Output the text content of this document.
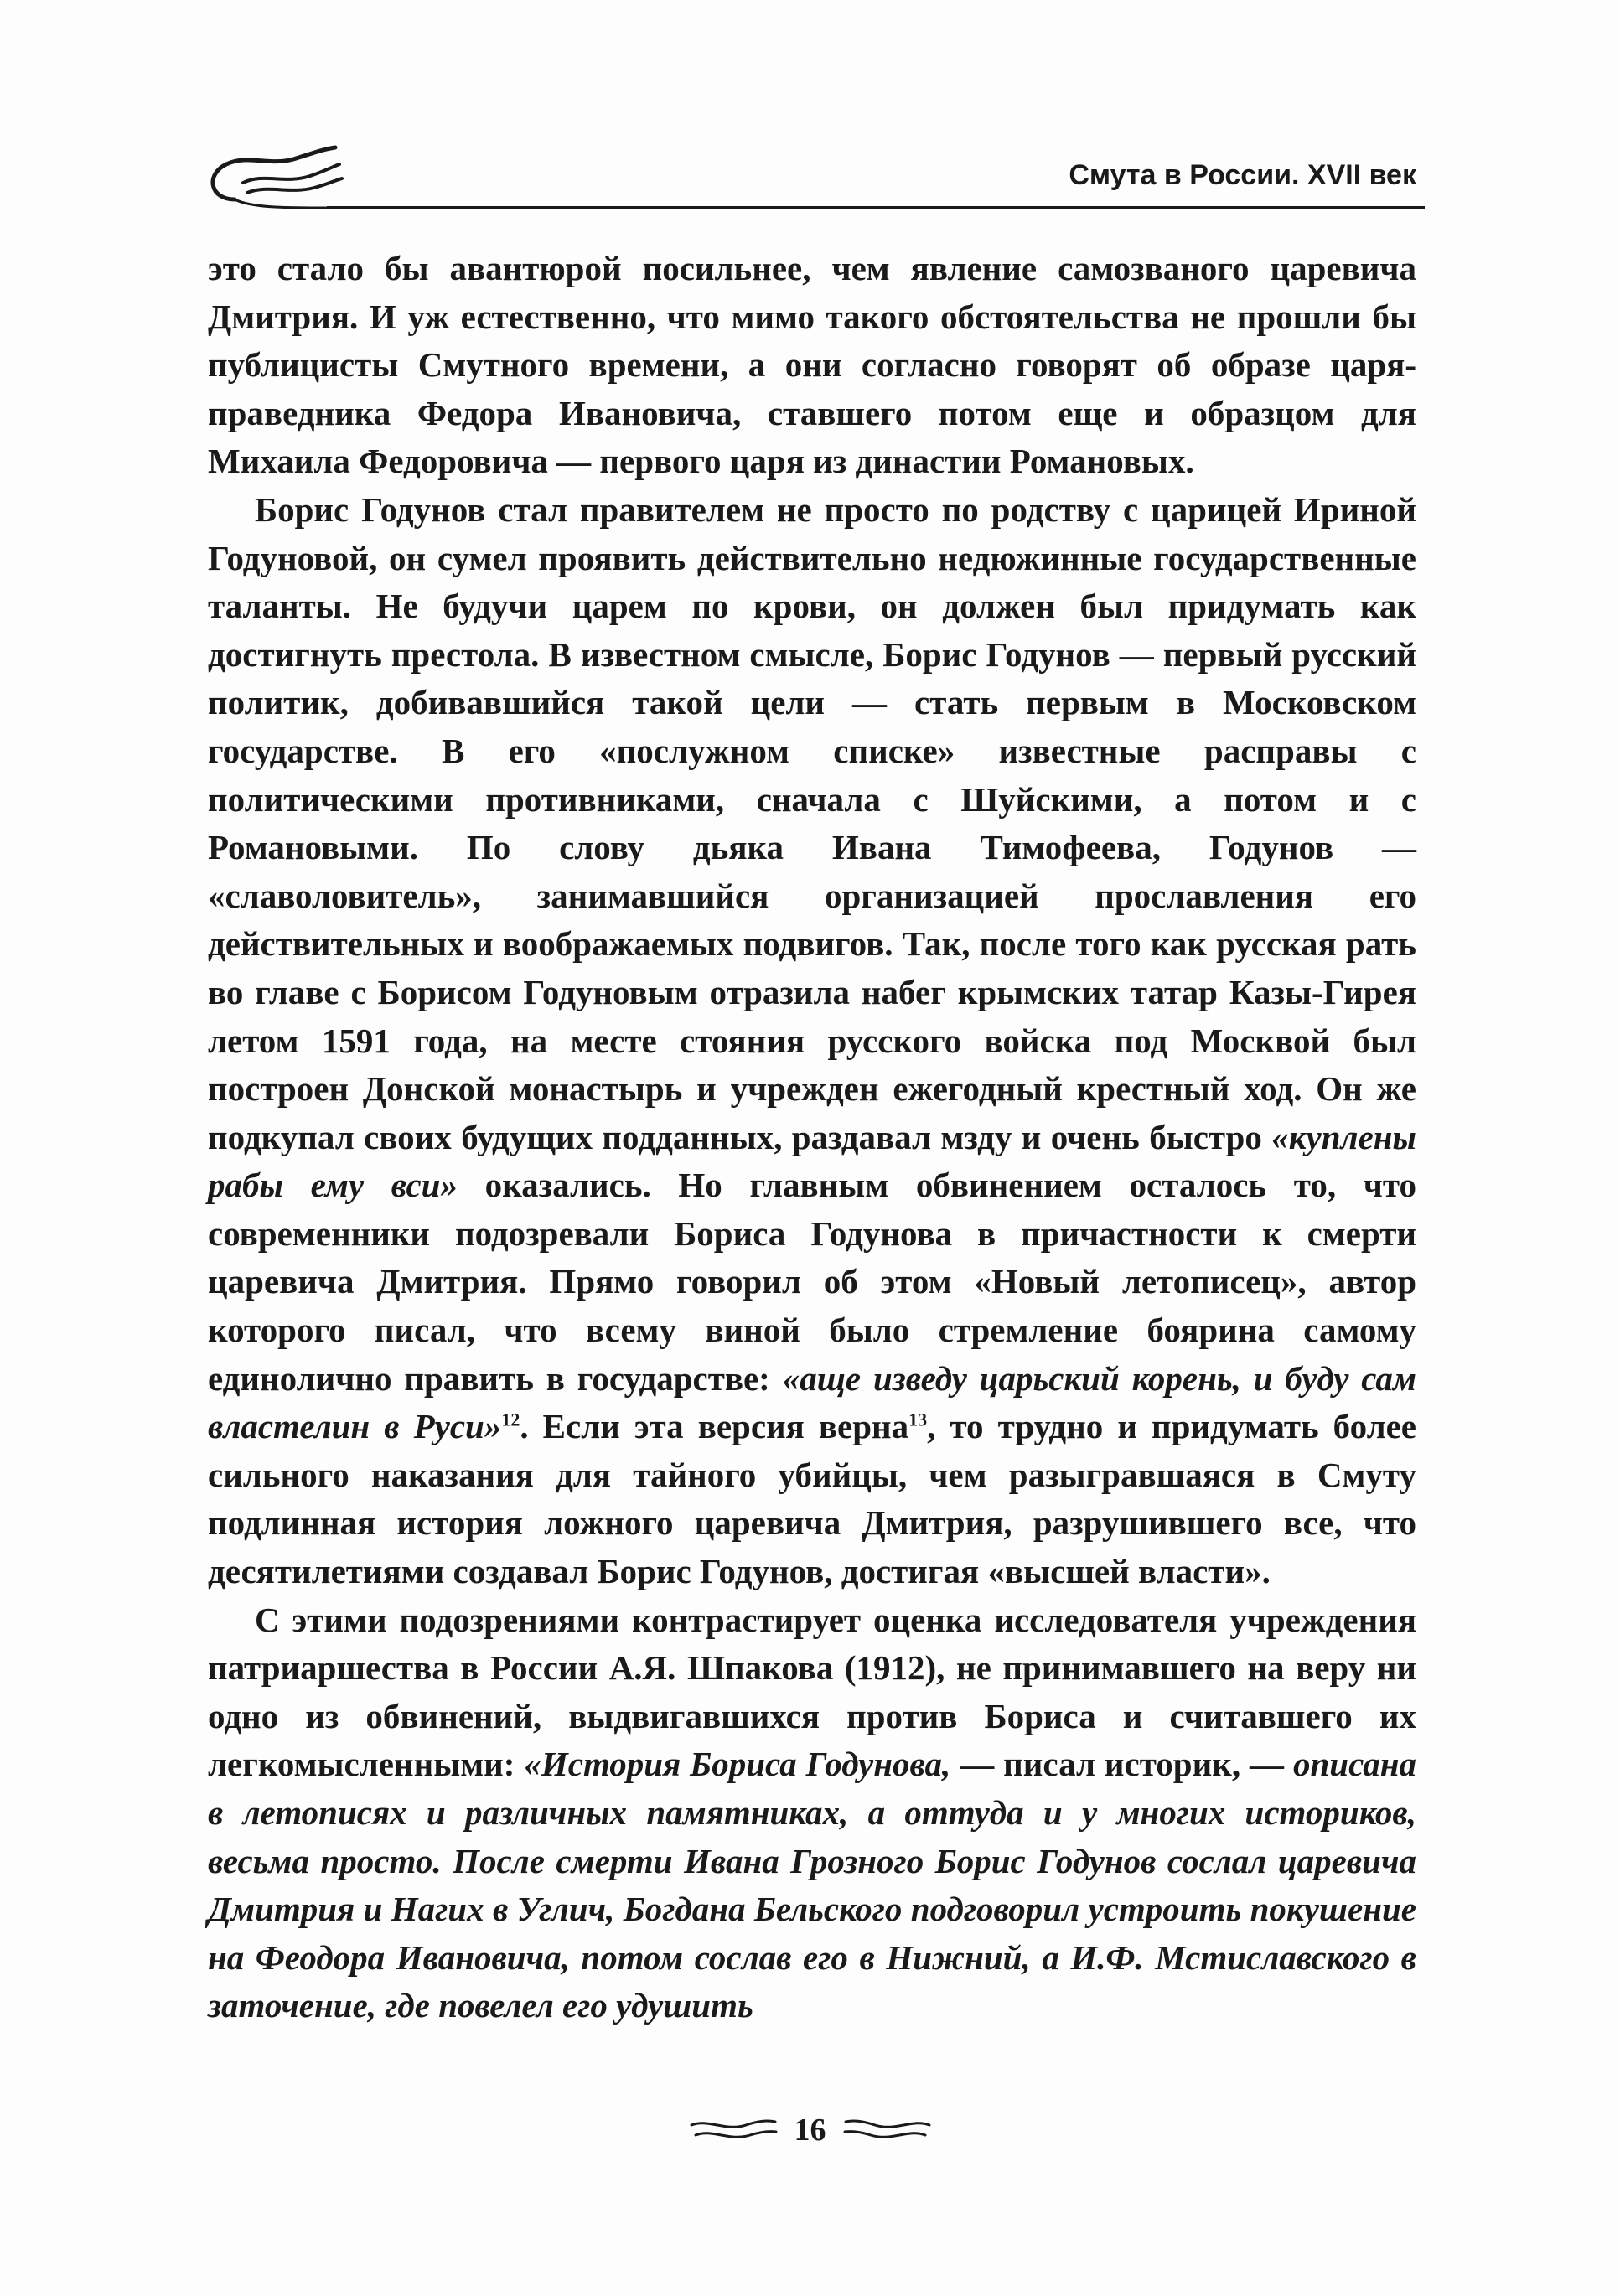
Смута в России. XVII век

это стало бы авантюрой посильнее, чем явление самозваного царевича Дмитрия. И уж естественно, что мимо такого обстоятельства не прошли бы публицисты Смутного времени, а они согласно говорят об образе царя-праведника Федора Ивановича, ставшего потом еще и образцом для Михаила Федоровича — первого царя из династии Романовых.

Борис Годунов стал правителем не просто по родству с царицей Ириной Годуновой, он сумел проявить действительно недюжинные государственные таланты. Не будучи царем по крови, он должен был придумать как достигнуть престола. В известном смысле, Борис Годунов — первый русский политик, добивавшийся такой цели — стать первым в Московском государстве. В его «послужном списке» известные расправы с политическими противниками, сначала с Шуйскими, а потом и с Романовыми. По слову дьяка Ивана Тимофеева, Годунов — «славоловитель», занимавшийся организацией прославления его действительных и воображаемых подвигов. Так, после того как русская рать во главе с Борисом Годуновым отразила набег крымских татар Казы-Гирея летом 1591 года, на месте стояния русского войска под Москвой был построен Донской монастырь и учрежден ежегодный крестный ход. Он же подкупал своих будущих подданных, раздавал мзду и очень быстро «куплены рабы ему вси» оказались. Но главным обвинением осталось то, что современники подозревали Бориса Годунова в причастности к смерти царевича Дмитрия. Прямо говорил об этом «Новый летописец», автор которого писал, что всему виной было стремление боярина самому единолично править в государстве: «аще изведу царьский корень, и буду сам властелин в Руси»$^{12}$. Если эта версия верна$^{13}$, то трудно и придумать более сильного наказания для тайного убийцы, чем разыгравшаяся в Смуту подлинная история ложного царевича Дмитрия, разрушившего все, что десятилетиями создавал Борис Годунов, достигая «высшей власти».

С этими подозрениями контрастирует оценка исследователя учреждения патриаршества в России А.Я. Шпакова (1912), не принимавшего на веру ни одно из обвинений, выдвигавшихся против Бориса и считавшего их легкомысленными: «История Бориса Годунова, — писал историк, — описана в летописях и различных памятниках, а оттуда и у многих историков, весьма просто. После смерти Ивана Грозного Борис Годунов сослал царевича Дмитрия и Нагих в Углич, Богдана Бельского подговорил устроить покушение на Феодора Ивановича, потом сослав его в Нижний, а И.Ф. Мстиславского в заточение, где повелел его удушить

16
